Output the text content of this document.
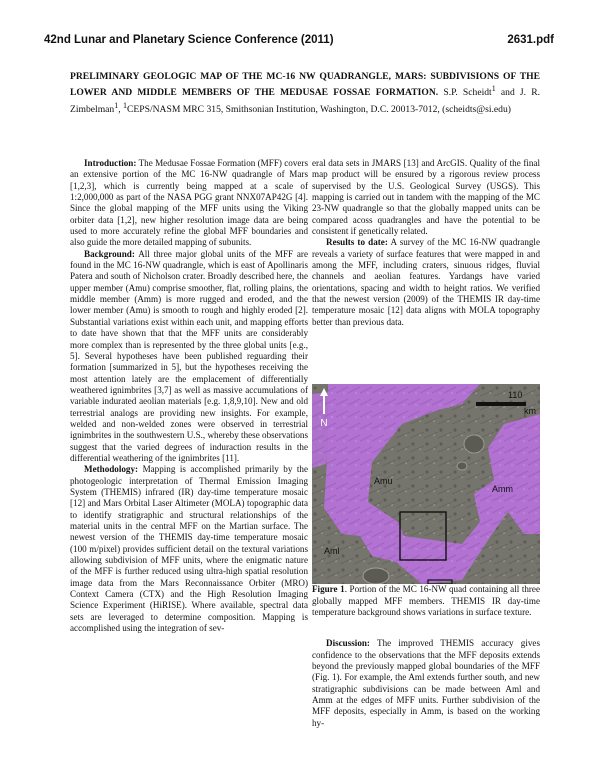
42nd Lunar and Planetary Science Conference (2011)	2631.pdf
PRELIMINARY GEOLOGIC MAP OF THE MC-16 NW QUADRANGLE, MARS: SUBDIVISIONS OF THE LOWER AND MIDDLE MEMBERS OF THE MEDUSAE FOSSAE FORMATION. S.P. Scheidt$^1$ and J. R. Zimbelman$^1$, $^1$CEPS/NASM MRC 315, Smithsonian Institution, Washington, D.C. 20013-7012, (scheidts@si.edu)

Introduction: The Medusae Fossae Formation (MFF) covers an extensive portion of the MC 16-NW quadrangle of Mars [1,2,3], which is currently being mapped at a scale of 1:2,000,000 as part of the NASA PGG grant NNX07AP42G [4]. Since the global mapping of the MFF units using the Viking orbiter data [1,2], new higher resolution image data are being used to more accurately refine the global MFF boundaries and also guide the more detailed mapping of subunits.

Background: All three major global units of the MFF are found in the MC 16-NW quadrangle, which is east of Apollinaris Patera and south of Nicholson crater. Broadly described here, the upper member (Amu) comprise smoother, flat, rolling plains, the middle member (Amm) is more rugged and eroded, and the lower member (Amu) is smooth to rough and highly eroded [2]. Substantial variations exist within each unit, and mapping efforts to date have shown that that the MFF units are considerably more complex than is represented by the three global units [e.g., 5]. Several hypotheses have been published reguarding their formation [summarized in 5], but the hypotheses receiving the most attention lately are the emplacement of differentially weathered ignimbrites [3,7] as well as massive accumulations of variable indurated aeolian materials [e.g. 1,8,9,10]. New and old terrestrial analogs are providing new insights. For example, welded and non-welded zones were observed in terrestrial ignimbrites in the southwestern U.S., whereby these observations suggest that the varied degrees of induraction results in the differential weathering of the ignimbrites [11].

Methodology: Mapping is accomplished primarily by the photogeologic interpretation of Thermal Emission Imaging System (THEMIS) infrared (IR) day-time temperature mosaic [12] and Mars Orbital Laser Altimeter (MOLA) topographic data to identify stratigraphic and structural relationships of the material units in the central MFF on the Martian surface. The newest version of the THEMIS day-time temperature mosaic (100 m/pixel) provides sufficient detail on the textural variations allowing subdivision of MFF units, where the enigmatic nature of the MFF is further reduced using ultra-high spatial resolution image data from the Mars Reconnaissance Orbiter (MRO) Context Camera (CTX) and the High Resolution Imaging Science Experiment (HiRISE). Where available, spectral data sets are leveraged to determine composition. Mapping is accomplished using the integration of sev-

eral data sets in JMARS [13] and ArcGIS. Quality of the final map product will be ensured by a rigorous review process supervised by the U.S. Geological Survey (USGS). This mapping is carried out in tandem with the mapping of the MC 23-NW quadrangle so that the globally mapped units can be compared acoss quadrangles and have the potential to be consistent if genetically related.

Results to date: A survey of the MC 16-NW quadrangle reveals a variety of surface features that were mapped in and among the MFF, including craters, sinuous ridges, fluvial channels and aeolian features. Yardangs have varied orientations, spacing and width to height ratios. We verified that the newest version (2009) of the THEMIS IR day-time temperature mosaic [12] data aligns with MOLA topography better than previous data.

N
110
km
Amu
Amm
Aml

Figure 1. Portion of the MC 16-NW quad containing all three globally mapped MFF members. THEMIS IR day-time temperature background shows variations in surface texture.

Discussion: The improved THEMIS accuracy gives confidence to the observations that the MFF deposits extends beyond the previously mapped global boundaries of the MFF (Fig. 1). For example, the Aml extends further south, and new stratigraphic subdivisions can be made between Aml and Amm at the edges of MFF units. Further subdivision of the MFF deposits, especially in Amm, is based on the working hy-
